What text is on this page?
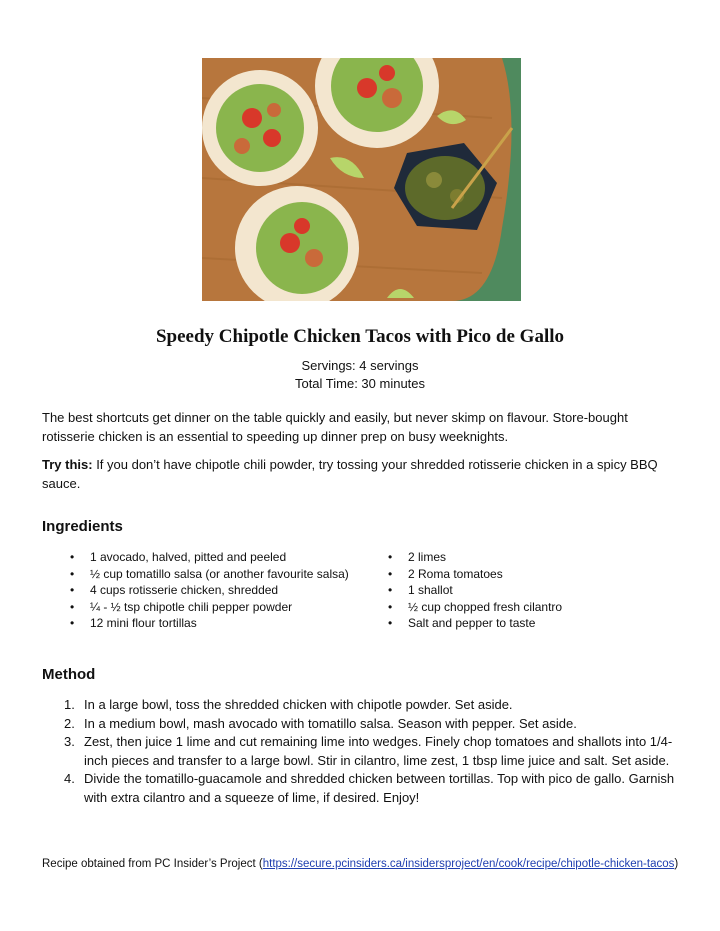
Speedy Chipotle Chicken Tacos with Pico de Gallo
Servings: 4 servings
Total Time: 30 minutes

The best shortcuts get dinner on the table quickly and easily, but never skimp on flavour. Store-bought rotisserie chicken is an essential to speeding up dinner prep on busy weeknights.

Try this: If you don’t have chipotle chili powder, try tossing your shredded rotisserie chicken in a spicy BBQ sauce.

Ingredients
• 1 avocado, halved, pitted and peeled
• ½ cup tomatillo salsa (or another favourite salsa)
• 4 cups rotisserie chicken, shredded
• ¼ - ½ tsp chipotle chili pepper powder
• 12 mini flour tortillas
• 2 limes
• 2 Roma tomatoes
• 1 shallot
• ½ cup chopped fresh cilantro
• Salt and pepper to taste
Method
1. In a large bowl, toss the shredded chicken with chipotle powder. Set aside.
2. In a medium bowl, mash avocado with tomatillo salsa. Season with pepper. Set aside.
3. Zest, then juice 1 lime and cut remaining lime into wedges. Finely chop tomatoes and shallots into 1/4-inch pieces and transfer to a large bowl. Stir in cilantro, lime zest, 1 tbsp lime juice and salt. Set aside.
4. Divide the tomatillo-guacamole and shredded chicken between tortillas. Top with pico de gallo. Garnish with extra cilantro and a squeeze of lime, if desired. Enjoy!
Recipe obtained from PC Insider’s Project (https://secure.pcinsiders.ca/insidersproject/en/cook/recipe/chipotle-chicken-tacos)
